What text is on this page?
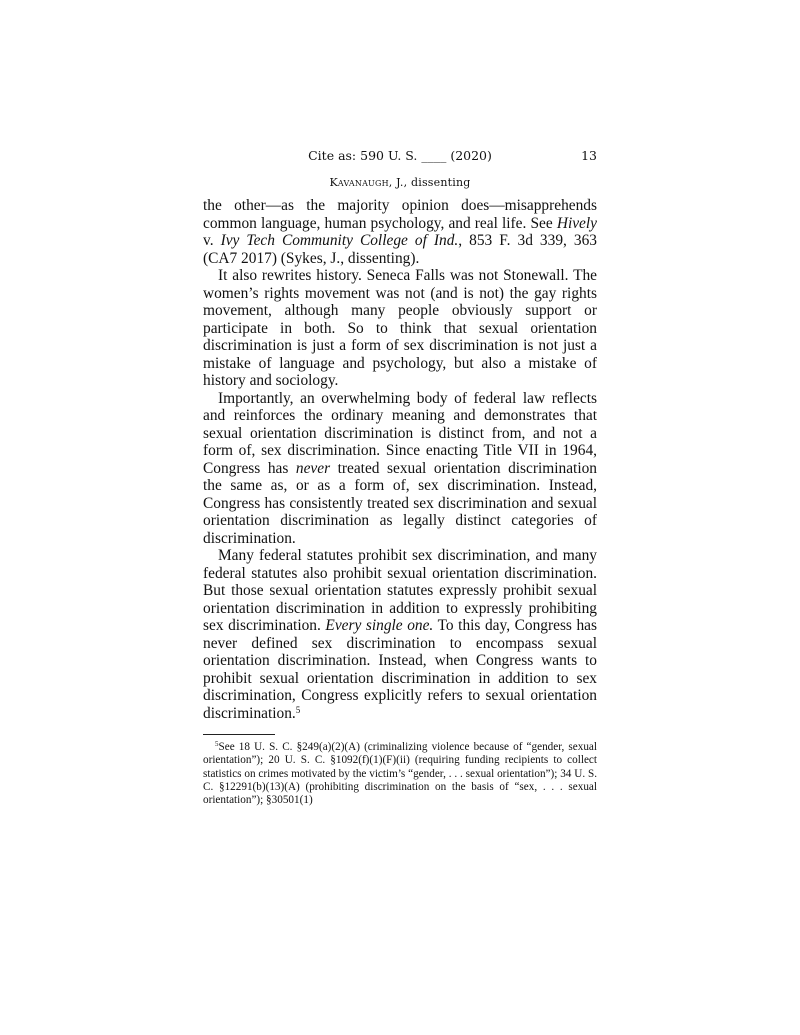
Cite as: 590 U. S. ____ (2020)	13
Kavanaugh, J., dissenting

the other—as the majority opinion does—misapprehends common language, human psychology, and real life. See Hively v. Ivy Tech Community College of Ind., 853 F. 3d 339, 363 (CA7 2017) (Sykes, J., dissenting).

It also rewrites history. Seneca Falls was not Stonewall. The women’s rights movement was not (and is not) the gay rights movement, although many people obviously support or participate in both. So to think that sexual orientation discrimination is just a form of sex discrimination is not just a mistake of language and psychology, but also a mistake of history and sociology.

Importantly, an overwhelming body of federal law reflects and reinforces the ordinary meaning and demonstrates that sexual orientation discrimination is distinct from, and not a form of, sex discrimination. Since enacting Title VII in 1964, Congress has never treated sexual orientation discrimination the same as, or as a form of, sex discrimination. Instead, Congress has consistently treated sex discrimination and sexual orientation discrimination as legally distinct categories of discrimination.

Many federal statutes prohibit sex discrimination, and many federal statutes also prohibit sexual orientation discrimination. But those sexual orientation statutes expressly prohibit sexual orientation discrimination in addition to expressly prohibiting sex discrimination. Every single one. To this day, Congress has never defined sex discrimination to encompass sexual orientation discrimination. Instead, when Congress wants to prohibit sexual orientation discrimination in addition to sex discrimination, Congress explicitly refers to sexual orientation discrimination.$^5$

$^5$See 18 U. S. C. §249(a)(2)(A) (criminalizing violence because of “gender, sexual orientation”); 20 U. S. C. §1092(f)(1)(F)(ii) (requiring funding recipients to collect statistics on crimes motivated by the victim’s “gender, . . . sexual orientation”); 34 U. S. C. §12291(b)(13)(A) (prohibiting discrimination on the basis of “sex, . . . sexual orientation”); §30501(1)
